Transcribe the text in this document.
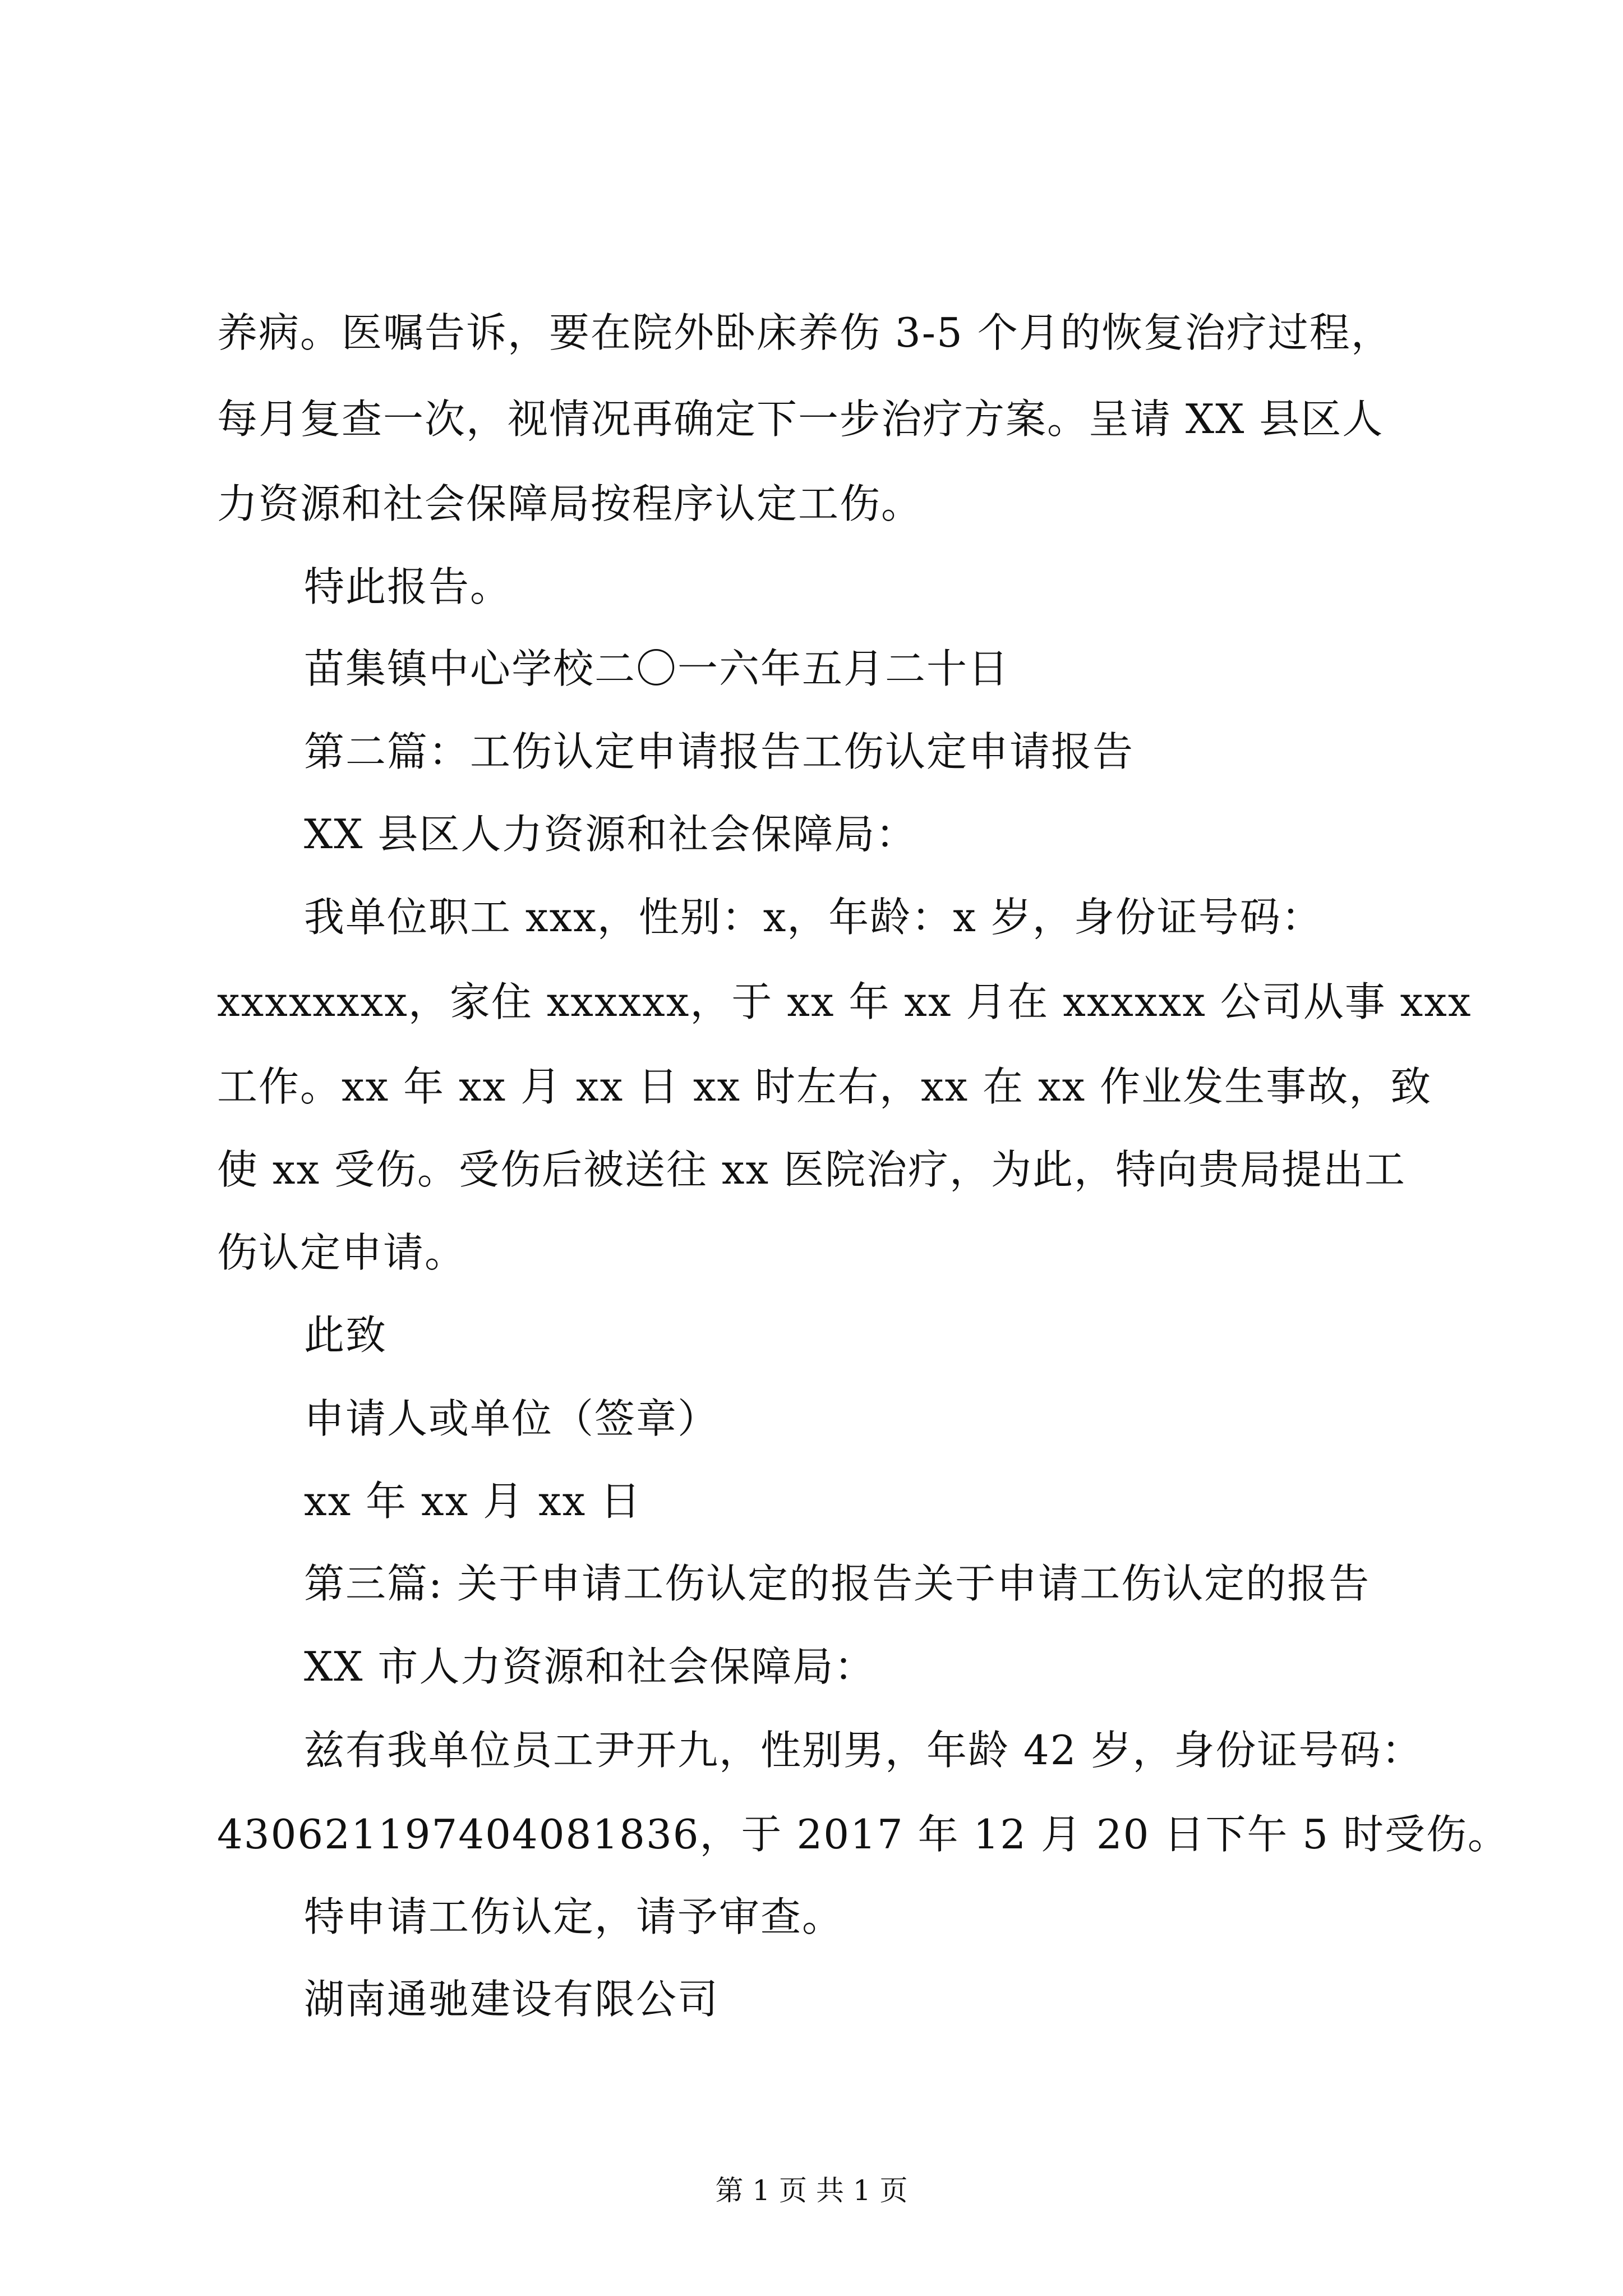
养病。医嘱告诉，要在院外卧床养伤 3-5 个月的恢复治疗过程，
每月复查一次，视情况再确定下一步治疗方案。呈请 XX 县区人
力资源和社会保障局按程序认定工伤。
特此报告。
苗集镇中心学校二〇一六年五月二十日
第二篇：工伤认定申请报告工伤认定申请报告
XX 县区人力资源和社会保障局：
我单位职工 xxx，性别：x，年龄：x 岁，身份证号码：
xxxxxxxx，家住 xxxxxx，于 xx 年 xx 月在 xxxxxx 公司从事 xxx
工作。xx 年 xx 月 xx 日 xx 时左右，xx 在 xx 作业发生事故，致
使 xx 受伤。受伤后被送往 xx 医院治疗，为此，特向贵局提出工
伤认定申请。
此致
申请人或单位（签章）
xx 年 xx 月 xx 日
第三篇: 关于申请工伤认定的报告关于申请工伤认定的报告
XX 市人力资源和社会保障局：
兹有我单位员工尹开九，性别男，年龄 42 岁，身份证号码：
430621197404081836，于 2017 年 12 月 20 日下午 5 时受伤。
特申请工伤认定，请予审查。
湖南通驰建设有限公司
第 1 页 共 1 页
